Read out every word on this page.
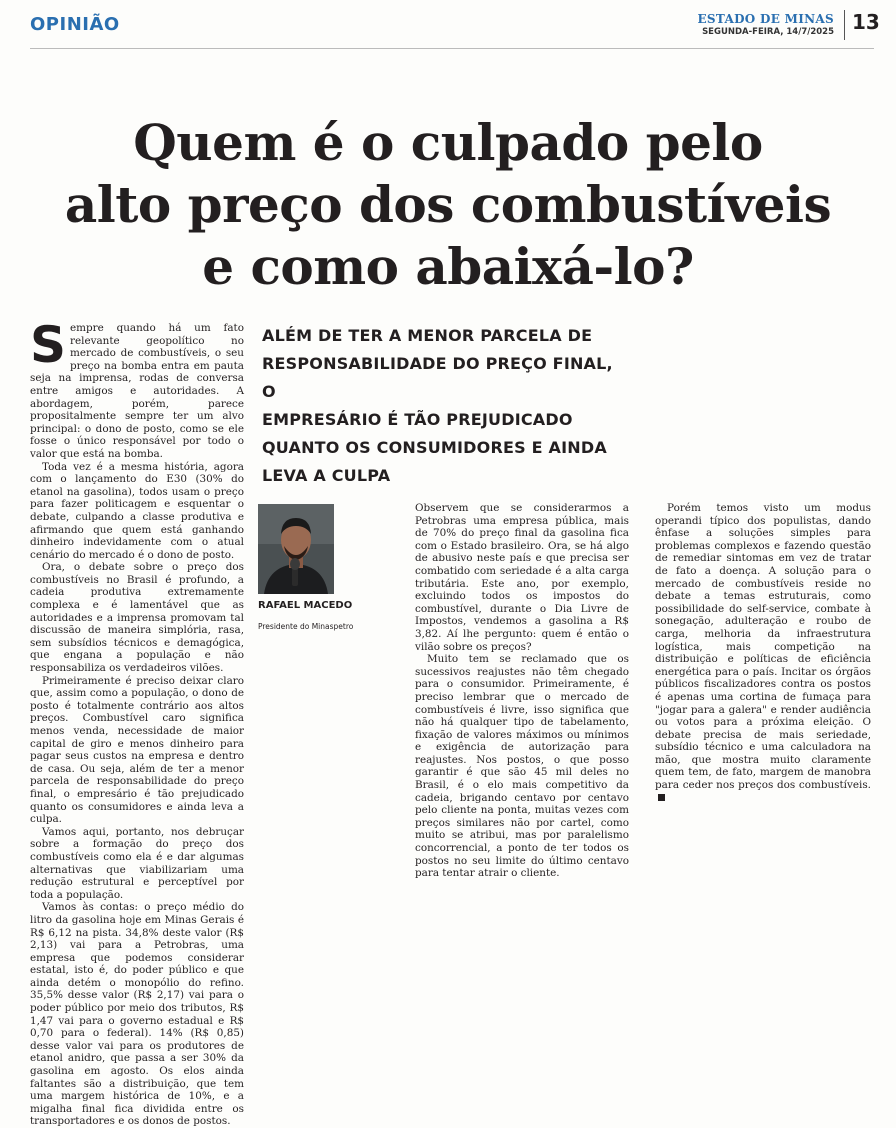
OPINIÃO	ESTADO DE MINAS
SEGUNDA-FEIRA, 14/7/2025 13
Quem é o culpado pelo
alto preço dos combustíveis
e como abaixá-lo?

Sempre quando há um fato relevante geopolítico no mercado de combustíveis, o seu preço na bomba entra em pauta seja na imprensa, rodas de conversa entre amigos e autoridades. A abordagem, porém, parece propositalmente sempre ter um alvo principal: o dono de posto, como se ele fosse o único responsável por todo o valor que está na bomba.

Toda vez é a mesma história, agora com o lançamento do E30 (30% do etanol na gasolina), todos usam o preço para fazer politicagem e esquentar o debate, culpando a classe produtiva e afirmando que quem está ganhando dinheiro indevidamente com o atual cenário do mercado é o dono de posto.

Ora, o debate sobre o preço dos combustíveis no Brasil é profundo, a cadeia produtiva extremamente complexa e é lamentável que as autoridades e a imprensa promovam tal discussão de maneira simplória, rasa, sem subsídios técnicos e demagógica, que engana a população e não responsabiliza os verdadeiros vilões.

Primeiramente é preciso deixar claro que, assim como a população, o dono de posto é totalmente contrário aos altos preços. Combustível caro significa menos venda, necessidade de maior capital de giro e menos dinheiro para pagar seus custos na empresa e dentro de casa. Ou seja, além de ter a menor parcela de responsabilidade do preço final, o empresário é tão prejudicado quanto os consumidores e ainda leva a culpa.

Vamos aqui, portanto, nos debruçar sobre a formação do preço dos combustíveis como ela é e dar algumas alternativas que viabilizariam uma redução estrutural e perceptível por toda a população.

Vamos às contas: o preço médio do litro da gasolina hoje em Minas Gerais é R$ 6,12 na pista. 34,8% deste valor (R$ 2,13) vai para a Petrobras, uma empresa que podemos considerar estatal, isto é, do poder público e que ainda detém o monopólio do refino. 35,5% desse valor (R$ 2,17) vai para o poder público por meio dos tributos, R$ 1,47 vai para o governo estadual e R$ 0,70 para o federal). 14% (R$ 0,85) desse valor vai para os produtores de etanol anidro, que passa a ser 30% da gasolina em agosto. Os elos ainda faltantes são a distribuição, que tem uma margem histórica de 10%, e a migalha final fica dividida entre os transportadores e os donos de postos.

ALÉM DE TER A MENOR PARCELA DE
RESPONSABILIDADE DO PREÇO FINAL, O
EMPRESÁRIO É TÃO PREJUDICADO
QUANTO OS CONSUMIDORES E AINDA
LEVA A CULPA
RAFAEL MACEDO
Presidente do Minaspetro

Observem que se considerarmos a Petrobras uma empresa pública, mais de 70% do preço final da gasolina fica com o Estado brasileiro. Ora, se há algo de abusivo neste país e que precisa ser combatido com seriedade é a alta carga tributária. Este ano, por exemplo, excluindo todos os impostos do combustível, durante o Dia Livre de Impostos, vendemos a gasolina a R$ 3,82. Aí lhe pergunto: quem é então o vilão sobre os preços?

Muito tem se reclamado que os sucessivos reajustes não têm chegado para o consumidor. Primeiramente, é preciso lembrar que o mercado de combustíveis é livre, isso significa que não há qualquer tipo de tabelamento, fixação de valores máximos ou mínimos e exigência de autorização para reajustes. Nos postos, o que posso garantir é que são 45 mil deles no Brasil, é o elo mais competitivo da cadeia, brigando centavo por centavo pelo cliente na ponta, muitas vezes com preços similares não por cartel, como muito se atribui, mas por paralelismo concorrencial, a ponto de ter todos os postos no seu limite do último centavo para tentar atrair o cliente.

Porém temos visto um modus operandi típico dos populistas, dando ênfase a soluções simples para problemas complexos e fazendo questão de remediar sintomas em vez de tratar de fato a doença. A solução para o mercado de combustíveis reside no debate a temas estruturais, como possibilidade do self-service, combate à sonegação, adulteração e roubo de carga, melhoria da infraestrutura logística, mais competição na distribuição e políticas de eficiência energética para o país. Incitar os órgãos públicos fiscalizadores contra os postos é apenas uma cortina de fumaça para "jogar para a galera" e render audiência ou votos para a próxima eleição. O debate precisa de mais seriedade, subsídio técnico e uma calculadora na mão, que mostra muito claramente quem tem, de fato, margem de manobra para ceder nos preços dos combustíveis.
